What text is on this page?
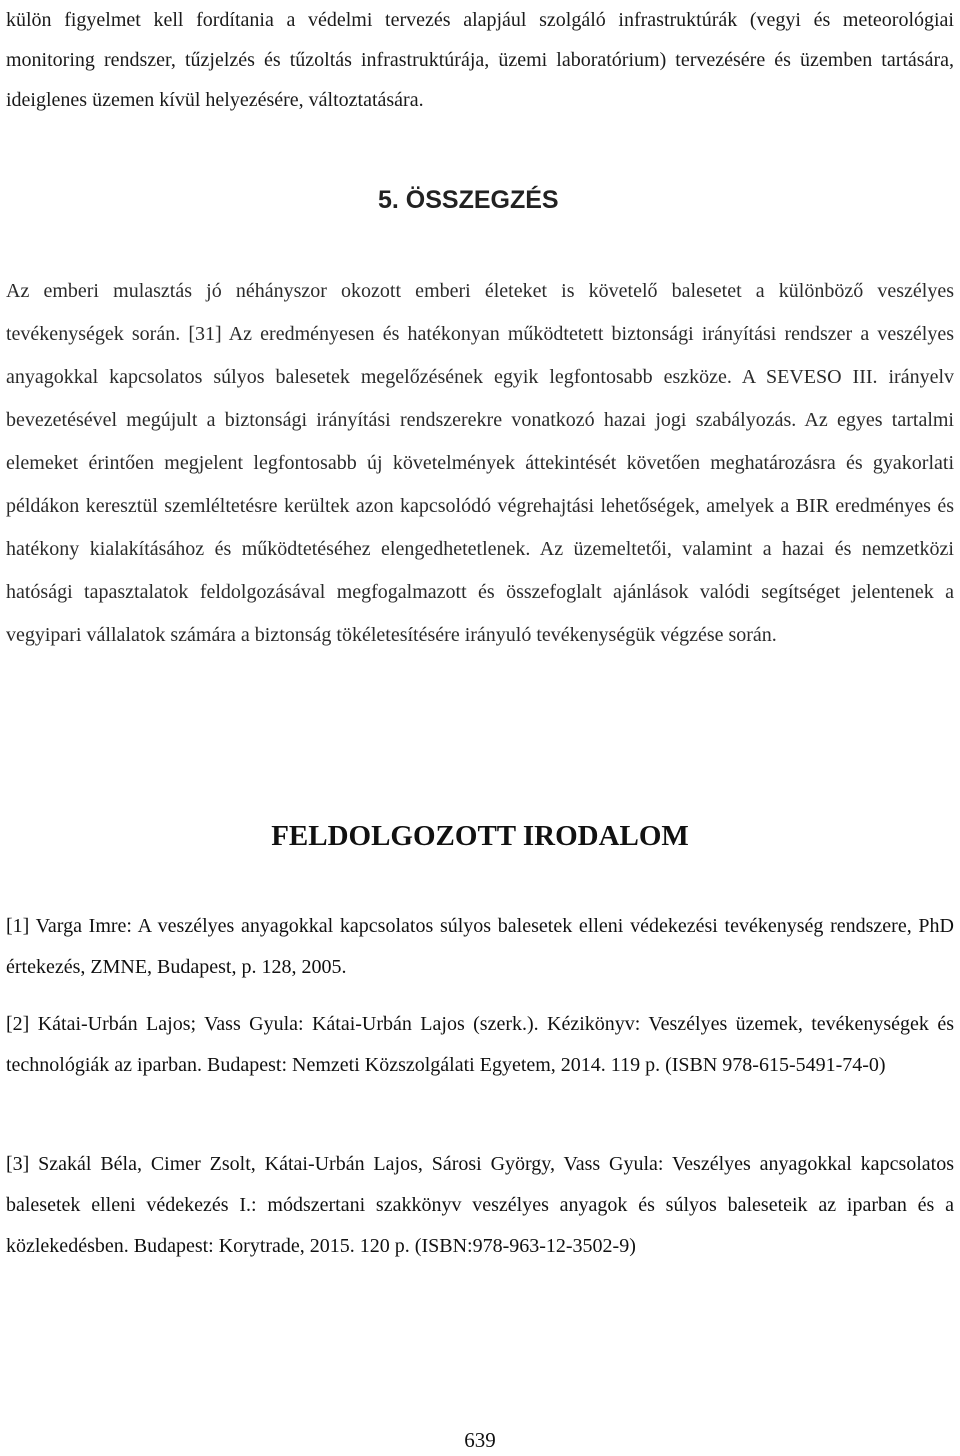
külön figyelmet kell fordítania a védelmi tervezés alapjául szolgáló infrastruktúrák (vegyi és meteorológiai monitoring rendszer, tűzjelzés és tűzoltás infrastruktúrája, üzemi laboratórium) tervezésére és üzemben tartására, ideiglenes üzemen kívül helyezésére, változtatására.

5. ÖSSZEGZÉS

Az emberi mulasztás jó néhányszor okozott emberi életeket is követelő balesetet a különböző veszélyes tevékenységek során. [31] Az eredményesen és hatékonyan működtetett biztonsági irányítási rendszer a veszélyes anyagokkal kapcsolatos súlyos balesetek megelőzésének egyik legfontosabb eszköze. A SEVESO III. irányelv bevezetésével megújult a biztonsági irányítási rendszerekre vonatkozó hazai jogi szabályozás. Az egyes tartalmi elemeket érintően megjelent legfontosabb új követelmények áttekintését követően meghatározásra és gyakorlati példákon keresztül szemléltetésre kerültek azon kapcsolódó végrehajtási lehetőségek, amelyek a BIR eredményes és hatékony kialakításához és működtetéséhez elengedhetetlenek. Az üzemeltetői, valamint a hazai és nemzetközi hatósági tapasztalatok feldolgozásával megfogalmazott és összefoglalt ajánlások valódi segítséget jelentenek a vegyipari vállalatok számára a biztonság tökéletesítésére irányuló tevékenységük végzése során.

FELDOLGOZOTT IRODALOM

[1] Varga Imre: A veszélyes anyagokkal kapcsolatos súlyos balesetek elleni védekezési tevékenység rendszere, PhD értekezés, ZMNE, Budapest, p. 128, 2005.

[2] Kátai-Urbán Lajos; Vass Gyula: Kátai-Urbán Lajos (szerk.). Kézikönyv: Veszélyes üzemek, tevékenységek és technológiák az iparban. Budapest: Nemzeti Közszolgálati Egyetem, 2014. 119 p. (ISBN 978-615-5491-74-0)

[3] Szakál Béla, Cimer Zsolt, Kátai-Urbán Lajos, Sárosi György, Vass Gyula: Veszélyes anyagokkal kapcsolatos balesetek elleni védekezés I.: módszertani szakkönyv veszélyes anyagok és súlyos baleseteik az iparban és a közlekedésben. Budapest: Korytrade, 2015. 120 p. (ISBN:978-963-12-3502-9)

639
